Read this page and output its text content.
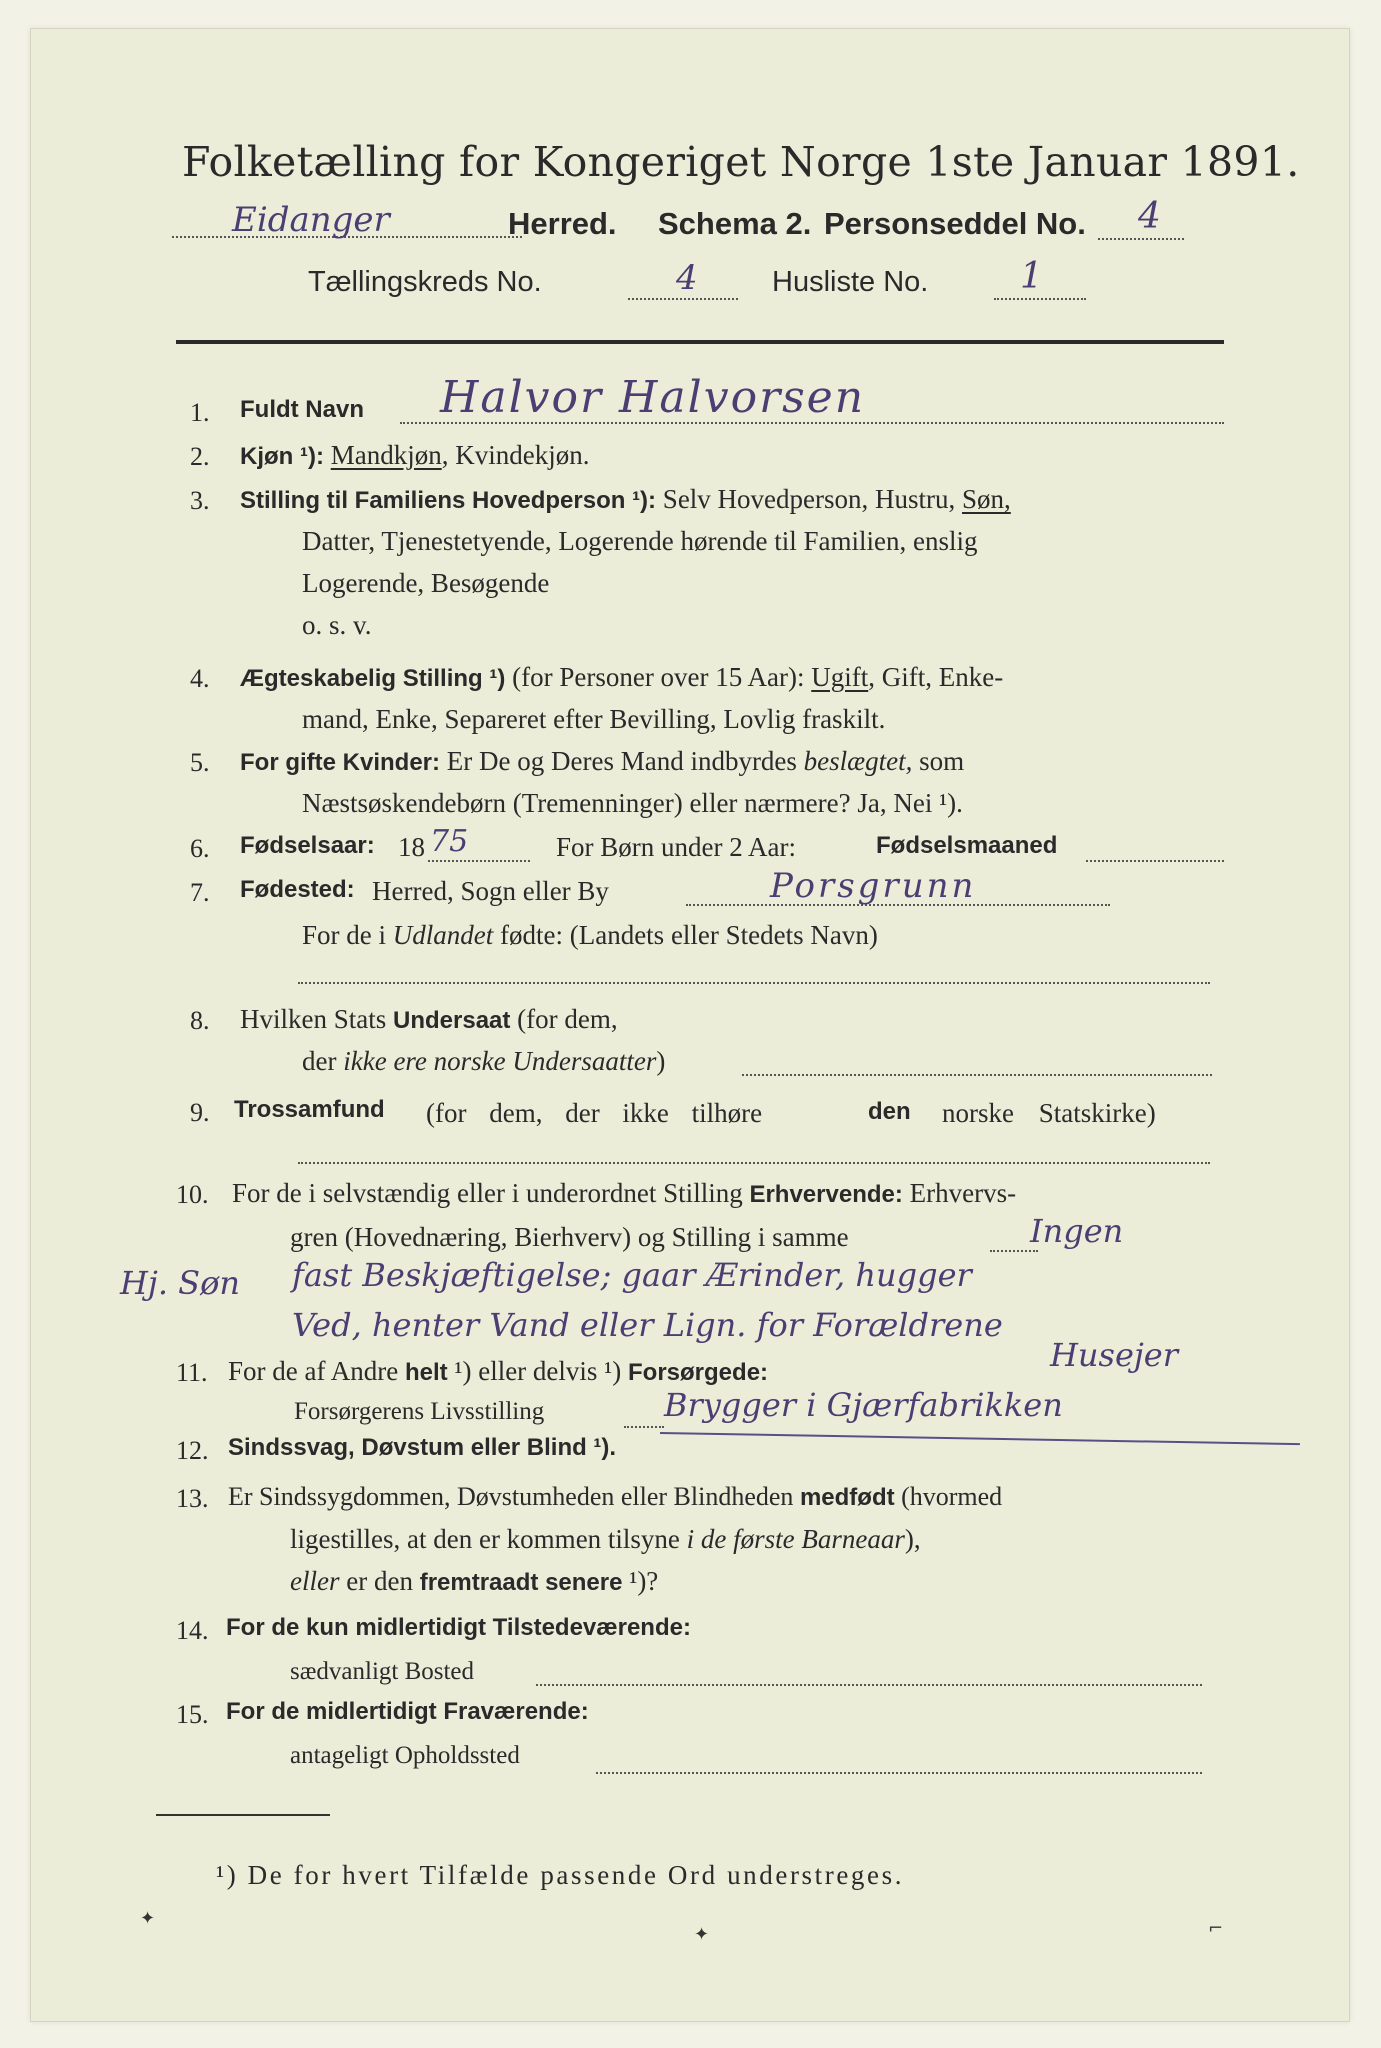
Folketælling for Kongeriget Norge 1ste Januar 1891.
Eidanger	Herred. Schema 2. Personseddel No. 4
Tællingskreds No.	4	Husliste No.	1
1. Fuldt Navn Halvor Halvorsen
2. Kjøn ¹): Mandkjøn, Kvindekjøn.
3. Stilling til Familiens Hovedperson ¹): Selv Hovedperson, Hustru, Søn,
Datter, Tjenestetyende, Logerende hørende til Familien, enslig
Logerende, Besøgende
o. s. v.
4. Ægteskabelig Stilling ¹) (for Personer over 15 Aar): Ugift, Gift, Enke-
mand, Enke, Separeret efter Bevilling, Lovlig fraskilt.
5. For gifte Kvinder: Er De og Deres Mand indbyrdes beslægtet, som
Næstsøskendebørn (Tremenninger) eller nærmere? Ja, Nei ¹).
6. Fødselsaar: 18 75	For Børn under 2 Aar:	Fødselsmaaned
7. Fødested: Herred, Sogn eller By	Porsgrunn
For de i Udlandet fødte: (Landets eller Stedets Navn)
8. Hvilken Stats Undersaat (for dem,
der ikke ere norske Undersaatter)
9. Trossamfund (for dem, der ikke tilhøre	den norske Statskirke)
10. For de i selvstændig eller i underordnet Stilling Erhvervende: Erhvervs-
gren (Hovednæring, Bierhverv) og Stilling i samme	Ingen
Hj. Søn fast Beskjæftigelse; gaar Ærinder, hugger
Ved, henter Vand eller Lign. for Forældrene
11. For de af Andre helt ¹) eller delvis ¹) Forsørgede:	Husejer
Forsørgerens Livsstilling	Brygger i Gjærfabrikken
12. Sindssvag, Døvstum eller Blind ¹).
13. Er Sindssygdommen, Døvstumheden eller Blindheden medfødt (hvormed
ligestilles, at den er kommen tilsyne i de første Barneaar),
eller er den fremtraadt senere ¹)?
14. For de kun midlertidigt Tilstedeværende:
sædvanligt Bosted
15. For de midlertidigt Fraværende:
antageligt Opholdssted
¹) De for hvert Tilfælde passende Ord understreges.
✦
✦	⌐
